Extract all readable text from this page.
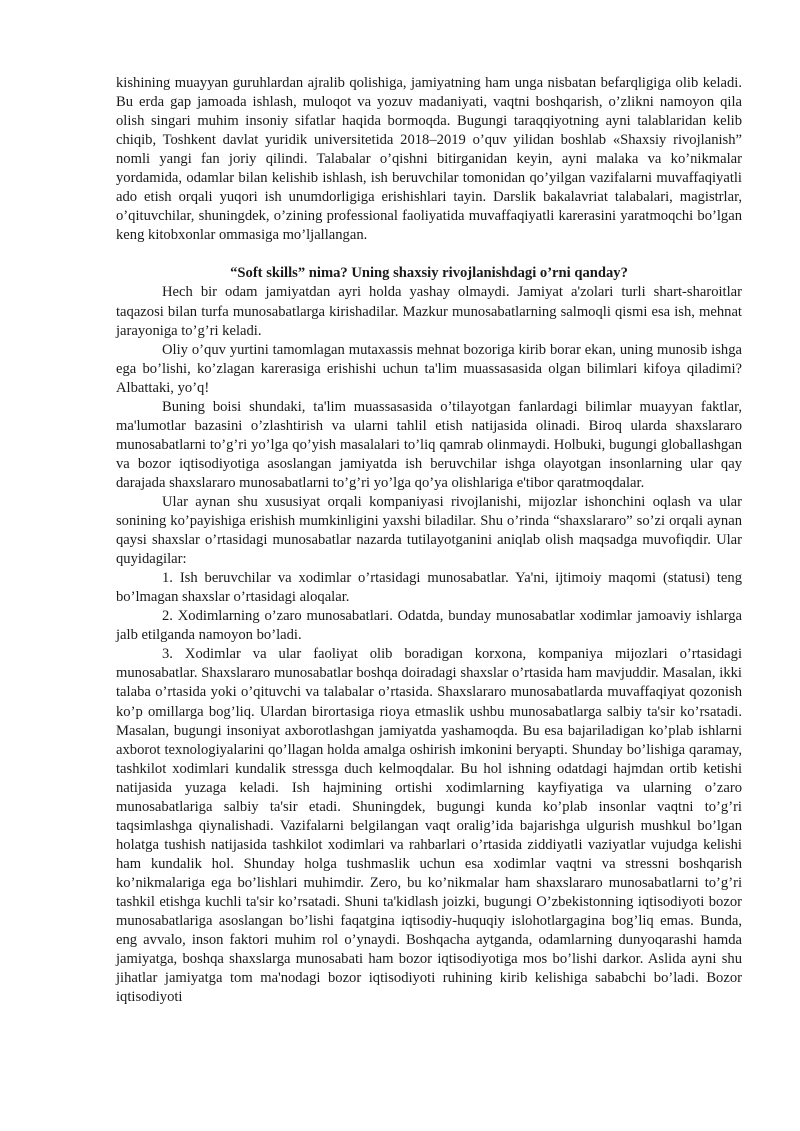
kishining muayyan guruhlardan ajralib qolishiga, jamiyatning ham unga nisbatan befarqligiga olib keladi. Bu erda gap jamoada ishlash, muloqot va yozuv madaniyati, vaqtni boshqarish, o’zlikni namoyon qila olish singari muhim insoniy sifatlar haqida bormoqda. Bugungi taraqqiyotning ayni talablaridan kelib chiqib, Toshkent davlat yuridik universitetida 2018–2019 o’quv yilidan boshlab «Shaxsiy rivojlanish” nomli yangi fan joriy qilindi. Talabalar o’qishni bitirganidan keyin, ayni malaka va ko’nikmalar yordamida, odamlar bilan kelishib ishlash, ish beruvchilar tomonidan qo’yilgan vazifalarni muvaffaqiyatli ado etish orqali yuqori ish unumdorligiga erishishlari tayin. Darslik bakalavriat talabalari, magistrlar, o’qituvchilar, shuningdek, o’zining professional faoliyatida muvaffaqiyatli karerasini yaratmoqchi bo’lgan keng kitobxonlar ommasiga mo’ljallangan.

“Soft skills” nima? Uning shaxsiy rivojlanishdagi o’rni qanday?

Hech bir odam jamiyatdan ayri holda yashay olmaydi. Jamiyat a'zolari turli shart-sharoitlar taqazosi bilan turfa munosabatlarga kirishadilar. Mazkur munosabatlarning salmoqli qismi esa ish, mehnat jarayoniga to’g’ri keladi.

Oliy o’quv yurtini tamomlagan mutaxassis mehnat bozoriga kirib borar ekan, uning munosib ishga ega bo’lishi, ko’zlagan karerasiga erishishi uchun ta'lim muassasasida olgan bilimlari kifoya qiladimi? Albattaki, yo’q!

Buning boisi shundaki, ta'lim muassasasida o’tilayotgan fanlardagi bilimlar muayyan faktlar, ma'lumotlar bazasini o’zlashtirish va ularni tahlil etish natijasida olinadi. Biroq ularda shaxslararo munosabatlarni to’g’ri yo’lga qo’yish masalalari to’liq qamrab olinmaydi. Holbuki, bugungi globallashgan va bozor iqtisodiyotiga asoslangan jamiyatda ish beruvchilar ishga olayotgan insonlarning ular qay darajada shaxslararo munosabatlarni to’g’ri yo’lga qo’ya olishlariga e'tibor qaratmoqdalar.

Ular aynan shu xususiyat orqali kompaniyasi rivojlanishi, mijozlar ishonchini oqlash va ular sonining ko’payishiga erishish mumkinligini yaxshi biladilar. Shu o’rinda “shaxslararo” so’zi orqali aynan qaysi shaxslar o’rtasidagi munosabatlar nazarda tutilayotganini aniqlab olish maqsadga muvofiqdir. Ular quyidagilar:

1. Ish beruvchilar va xodimlar o’rtasidagi munosabatlar. Ya'ni, ijtimoiy maqomi (statusi) teng bo’lmagan shaxslar o’rtasidagi aloqalar.

2. Xodimlarning o’zaro munosabatlari. Odatda, bunday munosabatlar xodimlar jamoaviy ishlarga jalb etilganda namoyon bo’ladi.

3. Xodimlar va ular faoliyat olib boradigan korxona, kompaniya mijozlari o’rtasidagi munosabatlar. Shaxslararo munosabatlar boshqa doiradagi shaxslar o’rtasida ham mavjuddir. Masalan, ikki talaba o’rtasida yoki o’qituvchi va talabalar o’rtasida. Shaxslararo munosabatlarda muvaffaqiyat qozonish ko’p omillarga bog’liq. Ulardan birortasiga rioya etmaslik ushbu munosabatlarga salbiy ta'sir ko’rsatadi. Masalan, bugungi insoniyat axborotlashgan jamiyatda yashamoqda. Bu esa bajariladigan ko’plab ishlarni axborot texnologiyalarini qo’llagan holda amalga oshirish imkonini beryapti. Shunday bo’lishiga qaramay, tashkilot xodimlari kundalik stressga duch kelmoqdalar. Bu hol ishning odatdagi hajmdan ortib ketishi natijasida yuzaga keladi. Ish hajmining ortishi xodimlarning kayfiyatiga va ularning o’zaro munosabatlariga salbiy ta'sir etadi. Shuningdek, bugungi kunda ko’plab insonlar vaqtni to’g’ri taqsimlashga qiynalishadi. Vazifalarni belgilangan vaqt oralig’ida bajarishga ulgurish mushkul bo’lgan holatga tushish natijasida tashkilot xodimlari va rahbarlari o’rtasida ziddiyatli vaziyatlar vujudga kelishi ham kundalik hol. Shunday holga tushmaslik uchun esa xodimlar vaqtni va stressni boshqarish ko’nikmalariga ega bo’lishlari muhimdir. Zero, bu ko’nikmalar ham shaxslararo munosabatlarni to’g’ri tashkil etishga kuchli ta'sir ko’rsatadi. Shuni ta'kidlash joizki, bugungi O’zbekistonning iqtisodiyoti bozor munosabatlariga asoslangan bo’lishi faqatgina iqtisodiy-huquqiy islohotlargagina bog’liq emas. Bunda, eng avvalo, inson faktori muhim rol o’ynaydi. Boshqacha aytganda, odamlarning dunyoqarashi hamda jamiyatga, boshqa shaxslarga munosabati ham bozor iqtisodiyotiga mos bo’lishi darkor. Aslida ayni shu jihatlar jamiyatga tom ma'nodagi bozor iqtisodiyoti ruhining kirib kelishiga sababchi bo’ladi. Bozor iqtisodiyoti
